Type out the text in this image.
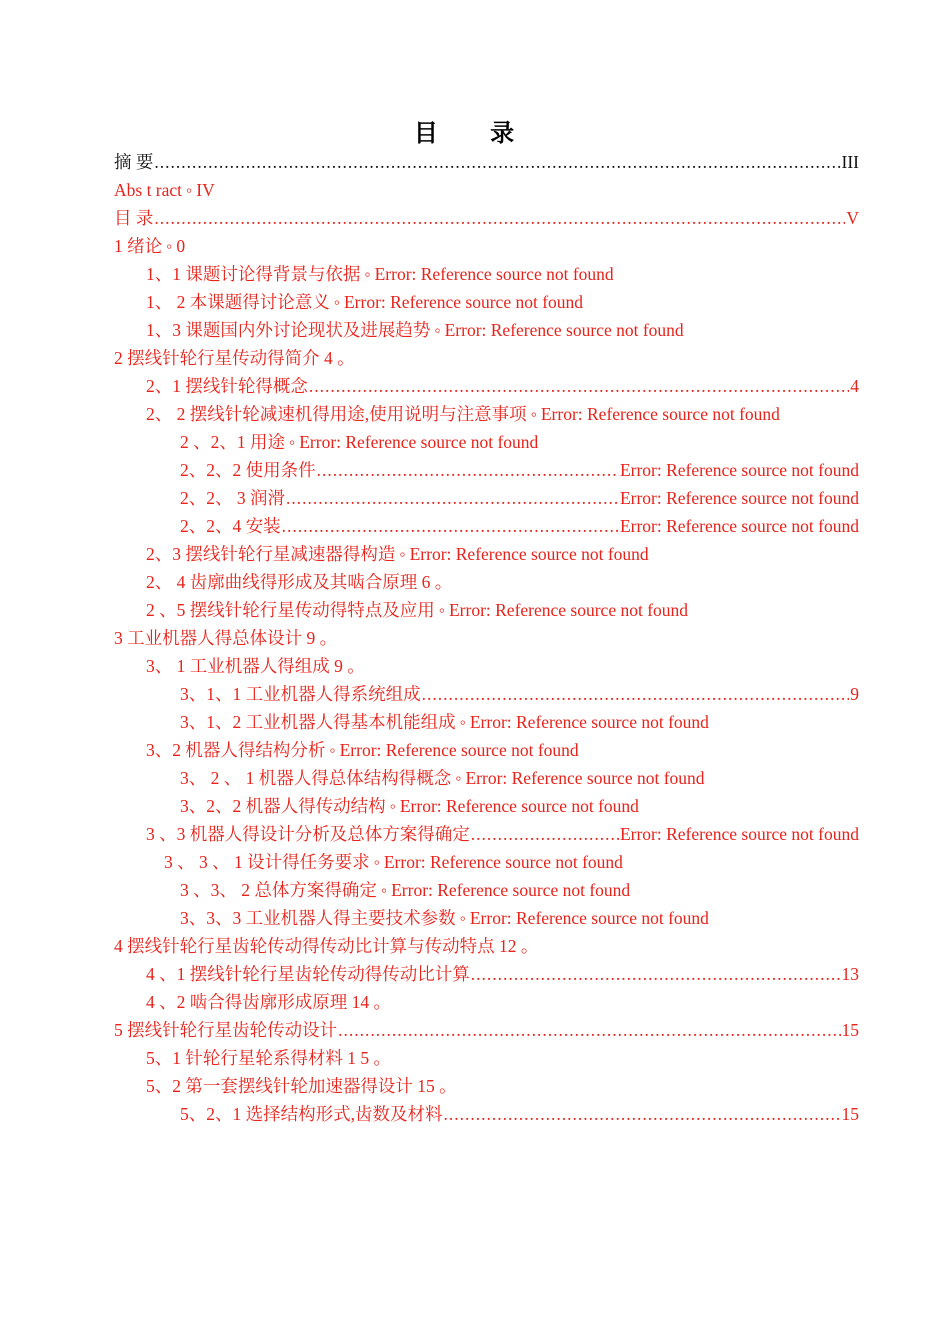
目 录
摘 要 .....	III
Abs t ract ◦ IV
目 录 .....	V
1 绪论 ◦ 0
1、1 课题讨论得背景与依据 ◦ Error: Reference source not found
1、 2 本课题得讨论意义 ◦ Error: Reference source not found
1、3 课题国内外讨论现状及进展趋势 ◦ Error: Reference source not found
2 摆线针轮行星传动得简介 4 。
2、1 摆线针轮得概念 .....	4
2、 2 摆线针轮减速机得用途,使用说明与注意事项 ◦ Error: Reference source not found
2 、2、1 用途 ◦ Error: Reference source not found
2、2、2 使用条件 .....	Error: Reference source not found
2、2、 3 润滑 .....	Error: Reference source not found
2、2、4 安装 .....	Error: Reference source not found
2、3 摆线针轮行星减速器得构造 ◦ Error: Reference source not found
2、 4 齿廓曲线得形成及其啮合原理 6 。
2 、5 摆线针轮行星传动得特点及应用 ◦ Error: Reference source not found
3 工业机器人得总体设计 9 。
3、 1 工业机器人得组成 9 。
3、1、1 工业机器人得系统组成 .....	9
3、1、2 工业机器人得基本机能组成 ◦ Error: Reference source not found
3、2 机器人得结构分析 ◦ Error: Reference source not found
3、 2 、 1 机器人得总体结构得概念 ◦ Error: Reference source not found
3、2、2 机器人得传动结构 ◦ Error: Reference source not found
3 、3 机器人得设计分析及总体方案得确定 .....	Error: Reference source not found
3 、 3 、 1 设计得任务要求 ◦ Error: Reference source not found
3 、3、 2 总体方案得确定 ◦ Error: Reference source not found
3、3、3 工业机器人得主要技术参数 ◦ Error: Reference source not found
4 摆线针轮行星齿轮传动得传动比计算与传动特点 12 。
4 、1 摆线针轮行星齿轮传动得传动比计算 .....	13
4 、2 啮合得齿廓形成原理 14 。
5 摆线针轮行星齿轮传动设计 .....	15
5、1 针轮行星轮系得材料 1 5 。
5、2 第一套摆线针轮加速器得设计 15 。
5、2、1 选择结构形式,齿数及材料 .....	15
